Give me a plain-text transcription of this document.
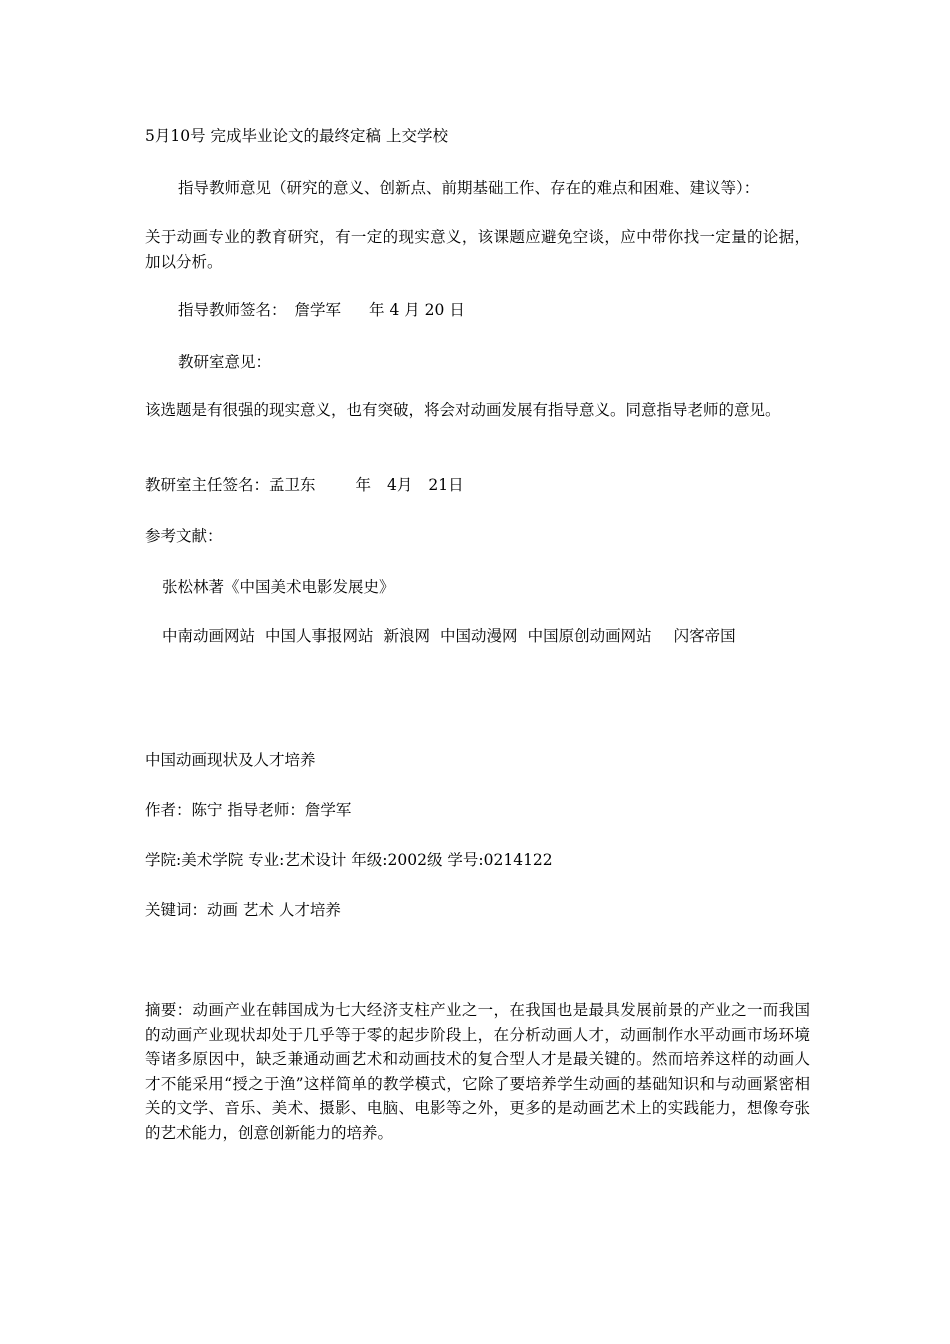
5月10号 完成毕业论文的最终定稿 上交学校
指导教师意见（研究的意义、创新点、前期基础工作、存在的难点和困难、建议等）：
关于动画专业的教育研究，有一定的现实意义，该课题应避免空谈，应中带你找一定量的论据，加以分析。
指导教师签名： 詹学军 年 4 月 20 日
教研室意见：
该选题是有很强的现实意义，也有突破，将会对动画发展有指导意义。同意指导老师的意见。
教研室主任签名：孟卫东	年 4月 21日
参考文献：
张松林著《中国美术电影发展史》
中南动画网站 中国人事报网站 新浪网 中国动漫网 中国原创动画网站 闪客帝国
中国动画现状及人才培养
作者：陈宁 指导老师：詹学军
学院:美术学院 专业:艺术设计 年级:2002级 学号:0214122
关键词：动画 艺术 人才培养
摘要：动画产业在韩国成为七大经济支柱产业之一，在我国也是最具发展前景的产业之一而我国的动画产业现状却处于几乎等于零的起步阶段上，在分析动画人才，动画制作水平动画市场环境等诸多原因中，缺乏兼通动画艺术和动画技术的复合型人才是最关键的。然而培养这样的动画人才不能采用“授之于渔”这样简单的教学模式，它除了要培养学生动画的基础知识和与动画紧密相关的文学、音乐、美术、摄影、电脑、电影等之外，更多的是动画艺术上的实践能力，想像夸张的艺术能力，创意创新能力的培养。
